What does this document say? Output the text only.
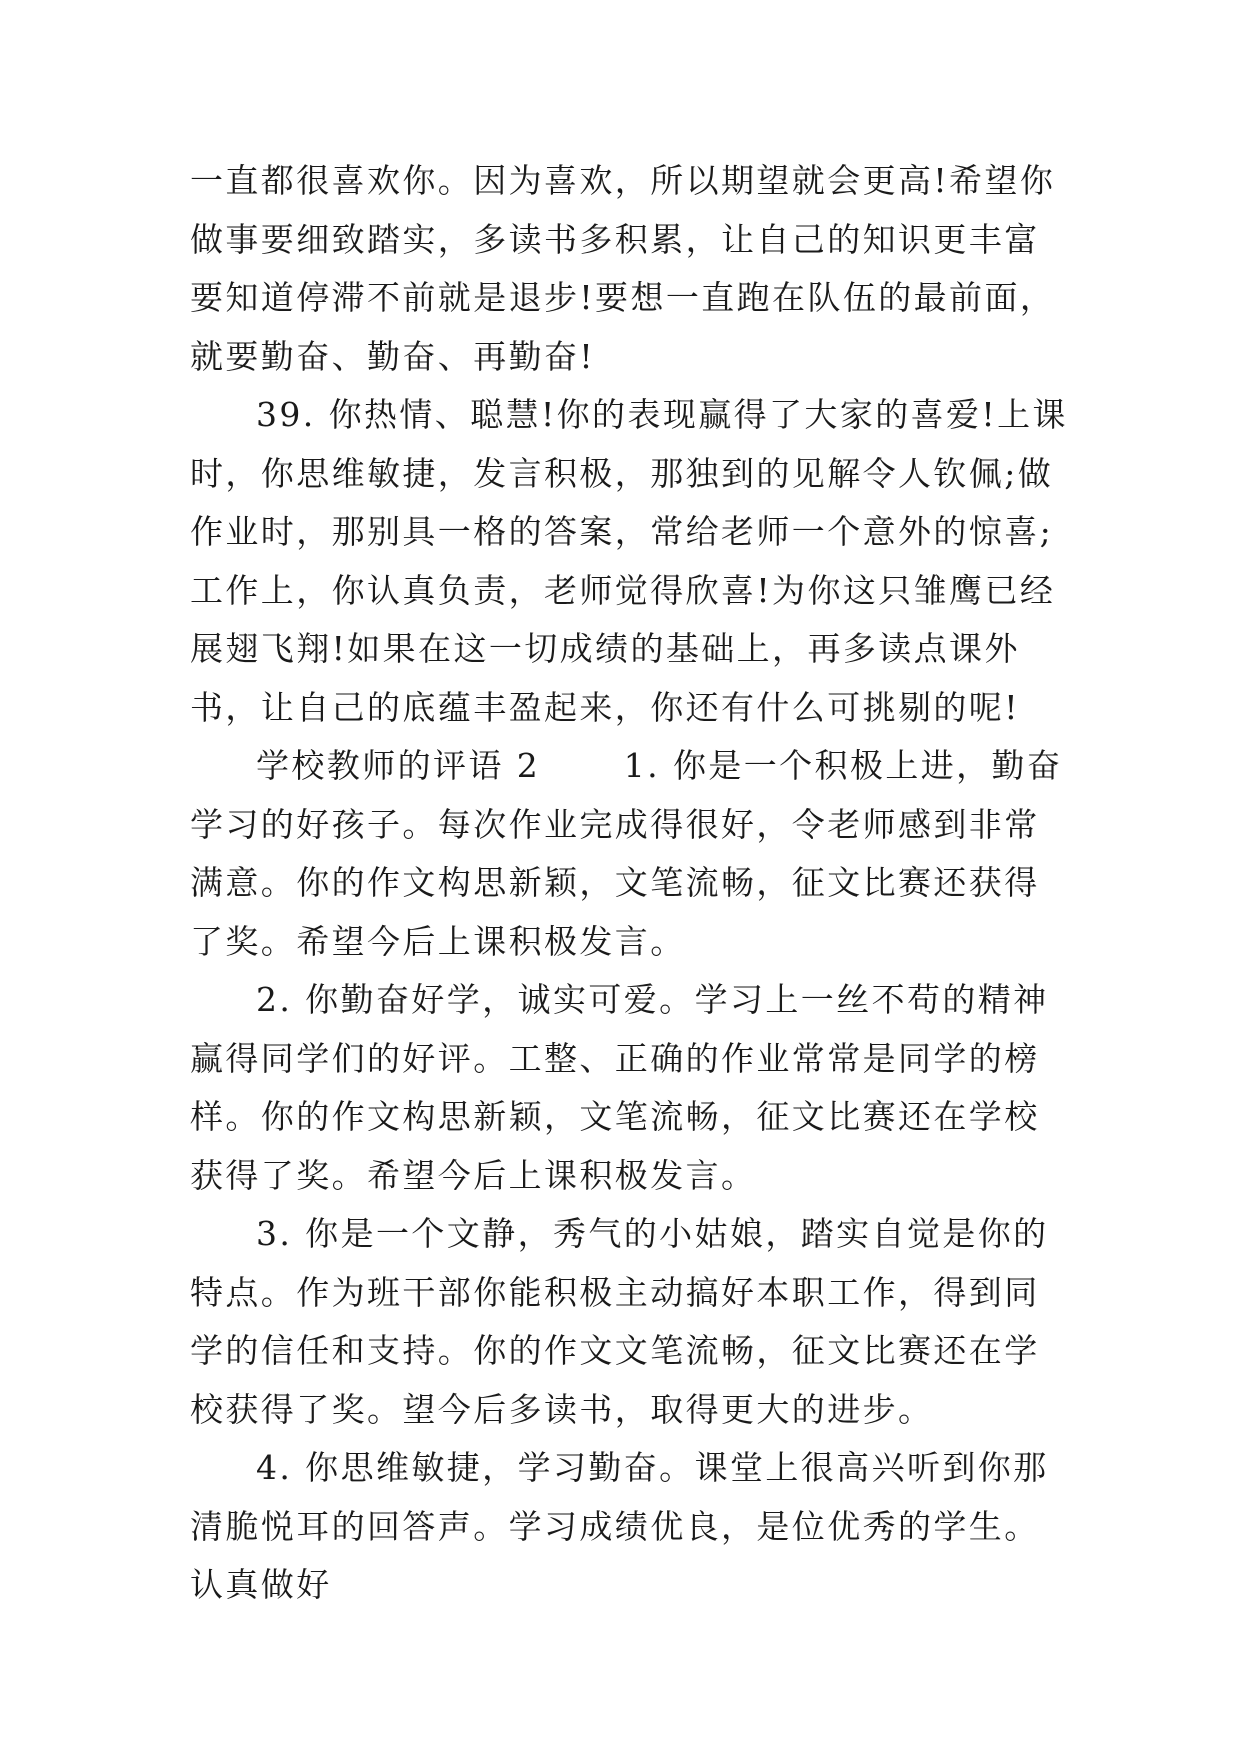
一直都很喜欢你。因为喜欢，所以期望就会更高!希望你做事要细致踏实，多读书多积累，让自己的知识更丰富要知道停滞不前就是退步!要想一直跑在队伍的最前面，就要勤奋、勤奋、再勤奋!

39. 你热情、聪慧!你的表现赢得了大家的喜爱!上课时，你思维敏捷，发言积极，那独到的见解令人钦佩;做作业时，那别具一格的答案，常给老师一个意外的惊喜;工作上，你认真负责，老师觉得欣喜!为你这只雏鹰已经展翅飞翔!如果在这一切成绩的基础上，再多读点课外书，让自己的底蕴丰盈起来，你还有什么可挑剔的呢!

学校教师的评语 2　　 1. 你是一个积极上进，勤奋学习的好孩子。每次作业完成得很好，令老师感到非常满意。你的作文构思新颖，文笔流畅，征文比赛还获得了奖。希望今后上课积极发言。

2. 你勤奋好学，诚实可爱。学习上一丝不苟的精神赢得同学们的好评。工整、正确的作业常常是同学的榜样。你的作文构思新颖，文笔流畅，征文比赛还在学校获得了奖。希望今后上课积极发言。

3. 你是一个文静，秀气的小姑娘，踏实自觉是你的特点。作为班干部你能积极主动搞好本职工作，得到同学的信任和支持。你的作文文笔流畅，征文比赛还在学校获得了奖。望今后多读书，取得更大的进步。

4. 你思维敏捷，学习勤奋。课堂上很高兴听到你那清脆悦耳的回答声。学习成绩优良，是位优秀的学生。认真做好
